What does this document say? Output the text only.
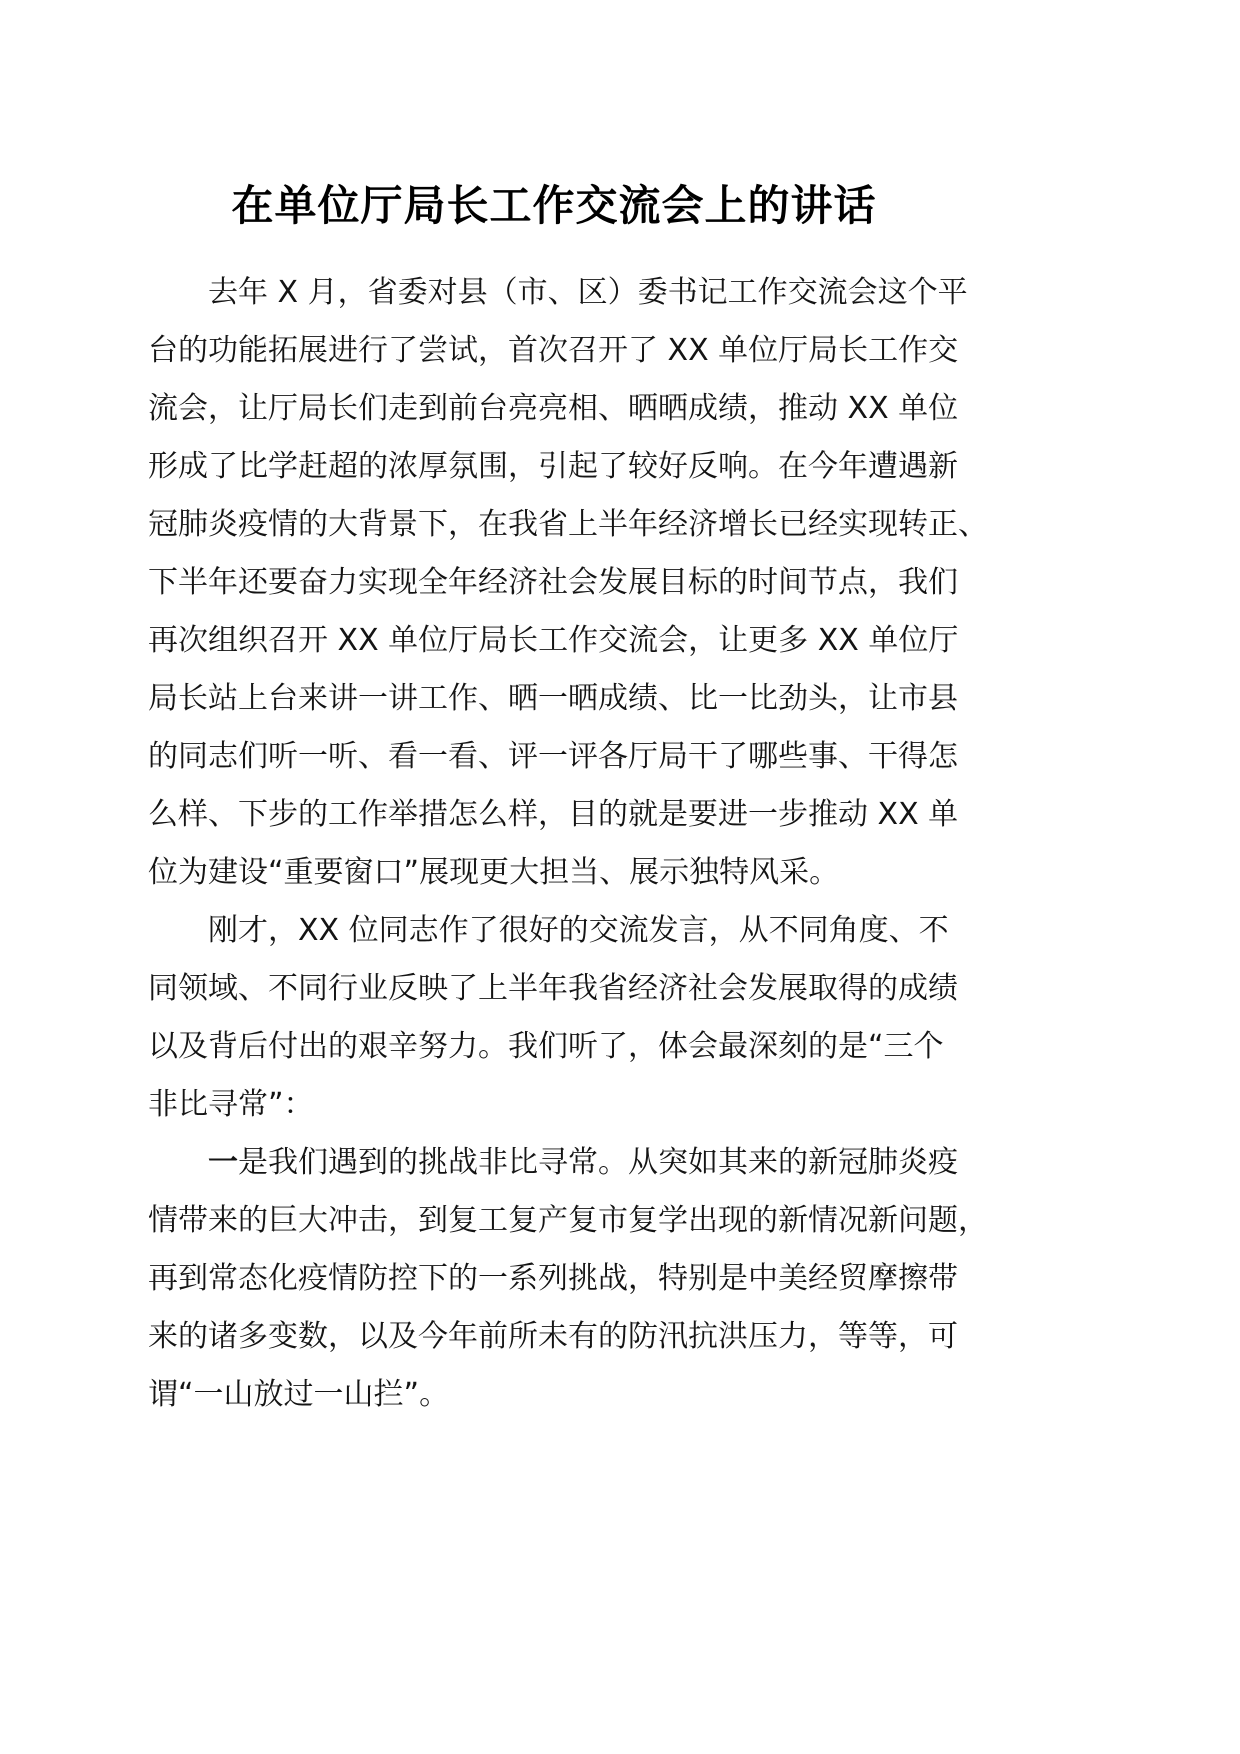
在单位厅局长工作交流会上的讲话
去年 X 月，省委对县（市、区）委书记工作交流会这个平
台的功能拓展进行了尝试，首次召开了 XX 单位厅局长工作交
流会，让厅局长们走到前台亮亮相、晒晒成绩，推动 XX 单位
形成了比学赶超的浓厚氛围，引起了较好反响。在今年遭遇新
冠肺炎疫情的大背景下，在我省上半年经济增长已经实现转正、
下半年还要奋力实现全年经济社会发展目标的时间节点，我们
再次组织召开 XX 单位厅局长工作交流会，让更多 XX 单位厅
局长站上台来讲一讲工作、晒一晒成绩、比一比劲头，让市县
的同志们听一听、看一看、评一评各厅局干了哪些事、干得怎
么样、下步的工作举措怎么样，目的就是要进一步推动 XX 单
位为建设“重要窗口”展现更大担当、展示独特风采。
刚才，XX 位同志作了很好的交流发言，从不同角度、不
同领域、不同行业反映了上半年我省经济社会发展取得的成绩
以及背后付出的艰辛努力。我们听了，体会最深刻的是“三个
非比寻常”：
一是我们遇到的挑战非比寻常。从突如其来的新冠肺炎疫
情带来的巨大冲击，到复工复产复市复学出现的新情况新问题，
再到常态化疫情防控下的一系列挑战，特别是中美经贸摩擦带
来的诸多变数，以及今年前所未有的防汛抗洪压力，等等，可
谓“一山放过一山拦”。
